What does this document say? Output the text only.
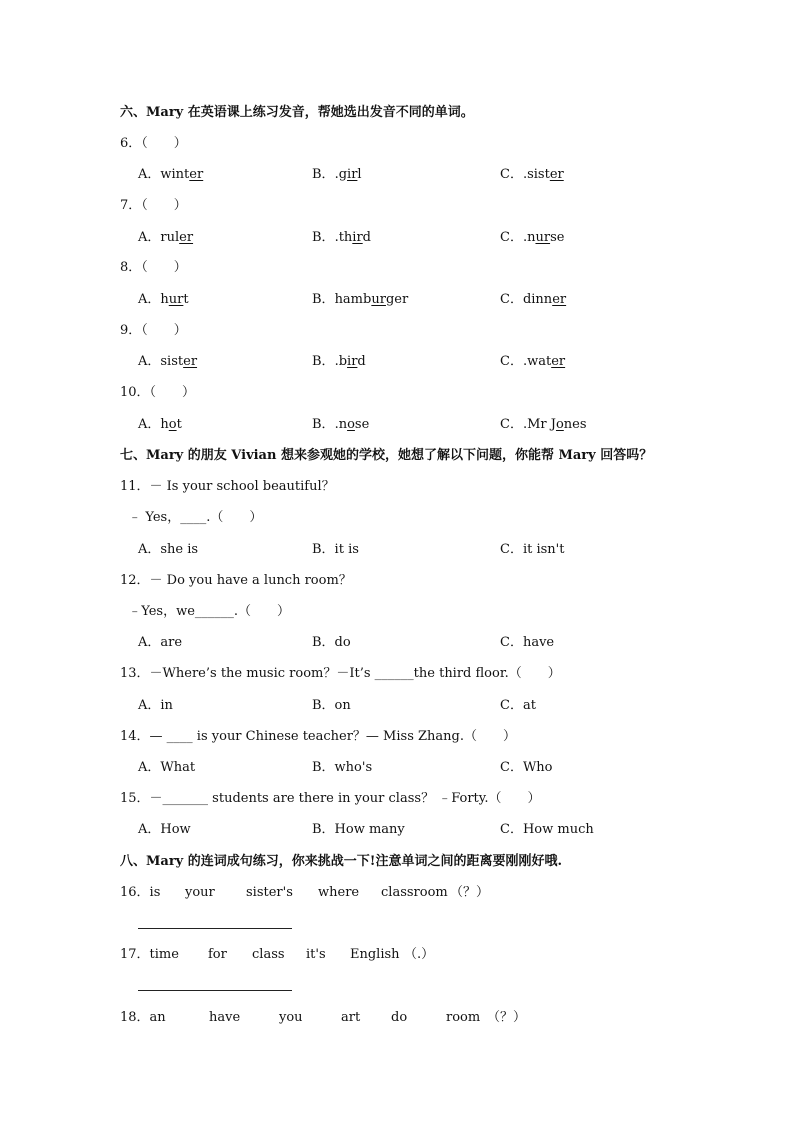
六、Mary 在英语课上练习发音，帮她选出发音不同的单词。
6．（　　）
A．winter	B．.girl	C．.sister
7．（　　）
A．ruler	B．.third	C．.nurse
8．（　　）
A．hurt	B．hamburger	C．dinner
9．（　　）
A．sister	B．.bird	C．.water
10．（　　）
A．hot	B．.nose	C．.Mr Jones
七、Mary 的朋友 Vivian 想来参观她的学校，她想了解以下问题，你能帮 Mary 回答吗？
11．－ Is your school beautiful？
﹣ Yes，____.（　　）
A．she is	B．it is	C．it isn't
12．－ Do you have a lunch room？
﹣Yes，we______.（　　）
A．are	B．do	C．have
13．－Where’s the music room？－It’s ______the third floor.（　　）
A．in	B．on	C．at
14．— ____ is your Chinese teacher？— Miss Zhang.（　　）
A．What	B．who's	C．Who
15．－_______ students are there in your class？ ﹣Forty.（　　）
A．How	B．How many	C．How much
八、Mary 的连词成句练习，你来挑战一下!注意单词之间的距离要刚刚好哦.
16．is your sister's where classroom （？）
17．time for class it's English （.）
18．an	have	you	art do	room （？）
